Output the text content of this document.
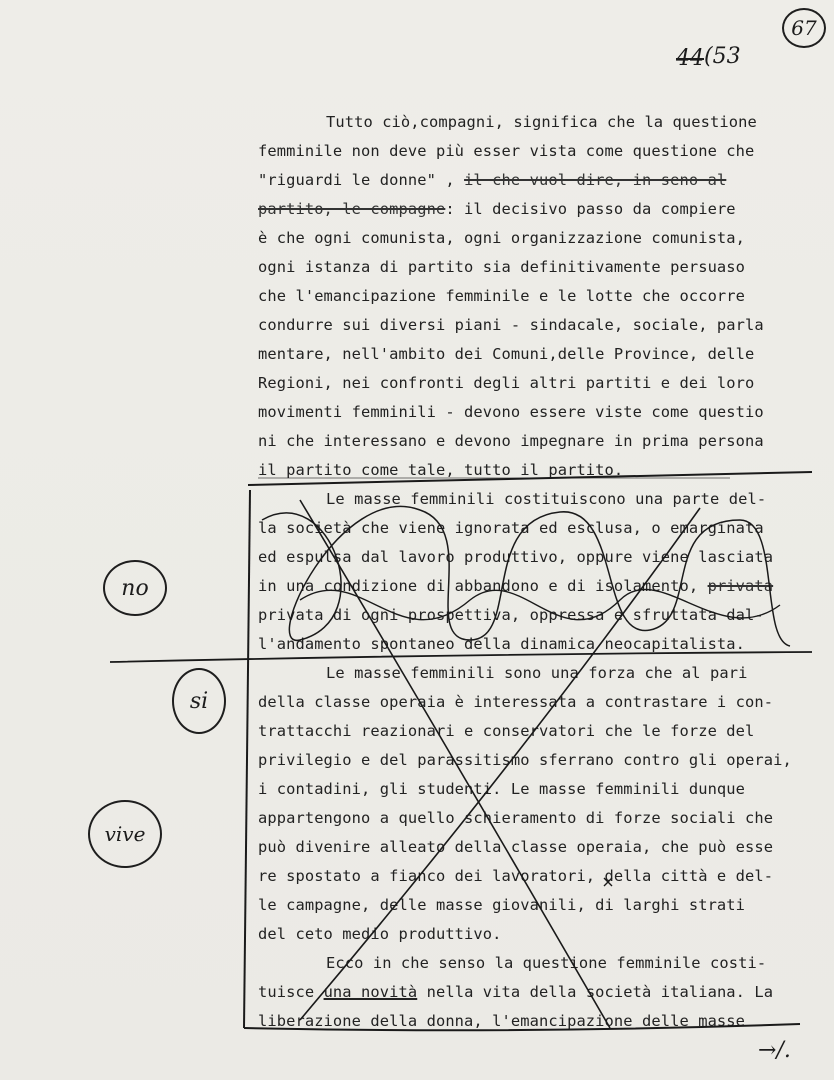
67
44 (53
Tutto ciò,compagni, significa che la questione
femminile non deve più esser vista come questione che
"riguardi le donne" , il che vuol dire, in seno al
partito, le compagne: il decisivo passo da compiere
è che ogni comunista, ogni organizzazione comunista,
ogni istanza di partito sia definitivamente persuaso
che l'emancipazione femminile e le lotte che occorre
condurre sui diversi piani - sindacale, sociale, parla
mentare, nell'ambito dei Comuni,delle Province, delle
Regioni, nei confronti degli altri partiti e dei loro
movimenti femminili - devono essere viste come questio
ni che interessano e devono impegnare in prima persona
il partito come tale, tutto il partito.
Le masse femminili costituiscono una parte del-
la società che viene ignorata ed esclusa, o emarginata
ed espulsa dal lavoro produttivo, oppure viene lasciata
in una condizione di abbandono e di isolamento, privata
privata di ogni prospettiva, oppressa e sfruttata dal-
l'andamento spontaneo della dinamica neocapitalista.
Le masse femminili sono una forza che al pari
della classe operaia è interessata a contrastare i con-
trattacchi reazionari e conservatori che le forze del
privilegio e del parassitismo sferrano contro gli operai,
i contadini, gli studenti. Le masse femminili dunque
appartengono a quello schieramento di forze sociali che
può divenire alleato della classe operaia, che può esse
re spostato a fianco dei lavoratori, della città e del-
le campagne, delle masse giovanili, di larghi strati
del ceto medio produttivo.
Ecco in che senso la questione femminile costi-
tuisce una novità nella vita della società italiana. La
liberazione della donna, l'emancipazione delle masse
no
si
vive
→/.
